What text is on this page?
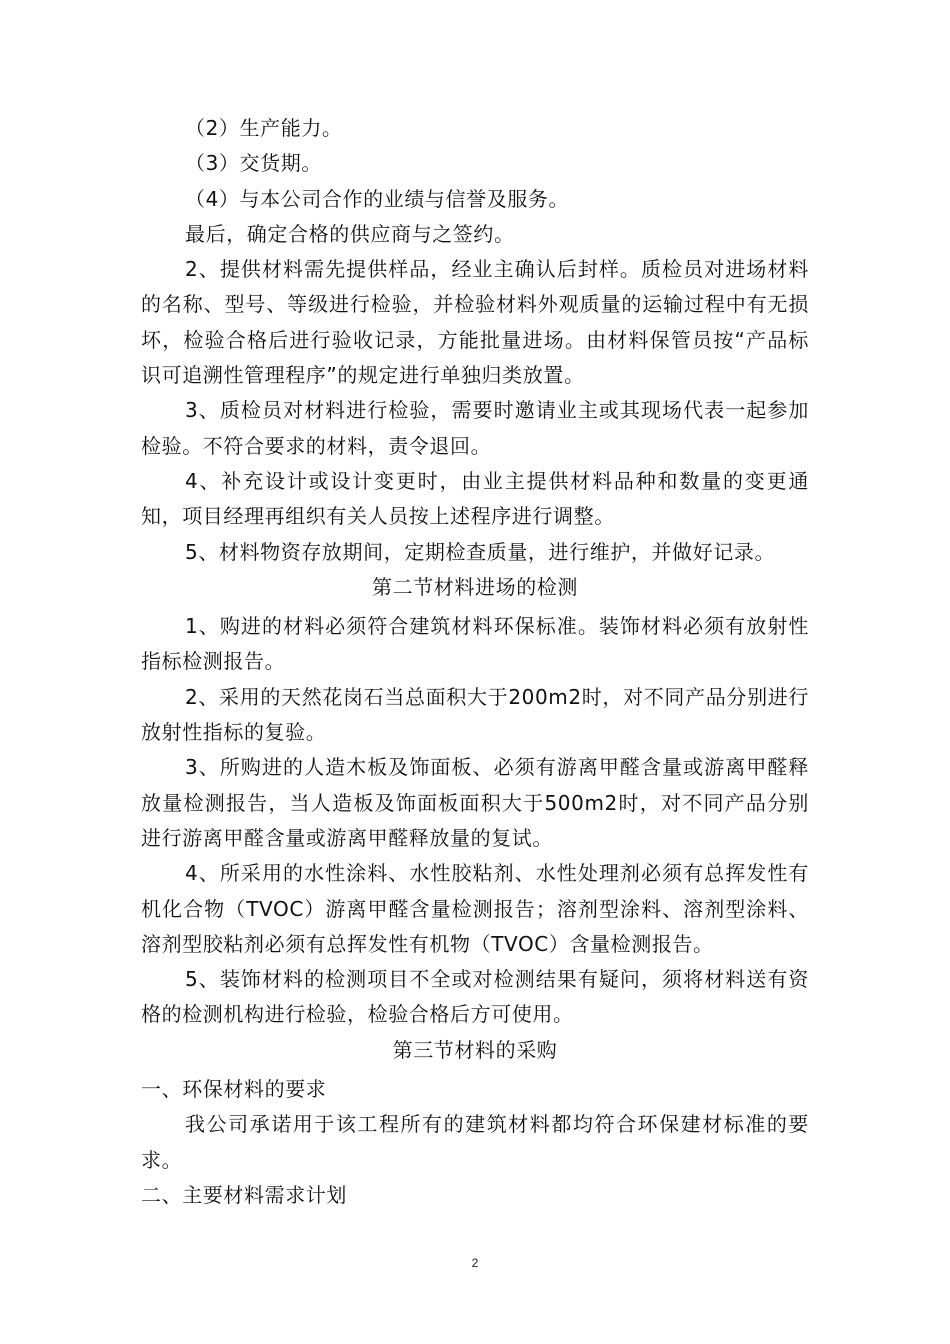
（2）生产能力。

（3）交货期。

（4）与本公司合作的业绩与信誉及服务。

最后，确定合格的供应商与之签约。

2、提供材料需先提供样品，经业主确认后封样。质检员对进场材料的名称、型号、等级进行检验，并检验材料外观质量的运输过程中有无损坏，检验合格后进行验收记录，方能批量进场。由材料保管员按“产品标识可追溯性管理程序”的规定进行单独归类放置。

3、质检员对材料进行检验，需要时邀请业主或其现场代表一起参加检验。不符合要求的材料，责令退回。

4、补充设计或设计变更时，由业主提供材料品种和数量的变更通知，项目经理再组织有关人员按上述程序进行调整。

5、材料物资存放期间，定期检查质量，进行维护，并做好记录。

第二节材料进场的检测

1、购进的材料必须符合建筑材料环保标准。装饰材料必须有放射性指标检测报告。

2、采用的天然花岗石当总面积大于200m2时，对不同产品分别进行放射性指标的复验。

3、所购进的人造木板及饰面板、必须有游离甲醛含量或游离甲醛释放量检测报告，当人造板及饰面板面积大于500m2时，对不同产品分别进行游离甲醛含量或游离甲醛释放量的复试。

4、所采用的水性涂料、水性胶粘剂、水性处理剂必须有总挥发性有机化合物（TVOC）游离甲醛含量检测报告；溶剂型涂料、溶剂型涂料、溶剂型胶粘剂必须有总挥发性有机物（TVOC）含量检测报告。

5、装饰材料的检测项目不全或对检测结果有疑问，须将材料送有资格的检测机构进行检验，检验合格后方可使用。

第三节材料的采购

一、环保材料的要求

我公司承诺用于该工程所有的建筑材料都均符合环保建材标准的要求。

二、主要材料需求计划

2
